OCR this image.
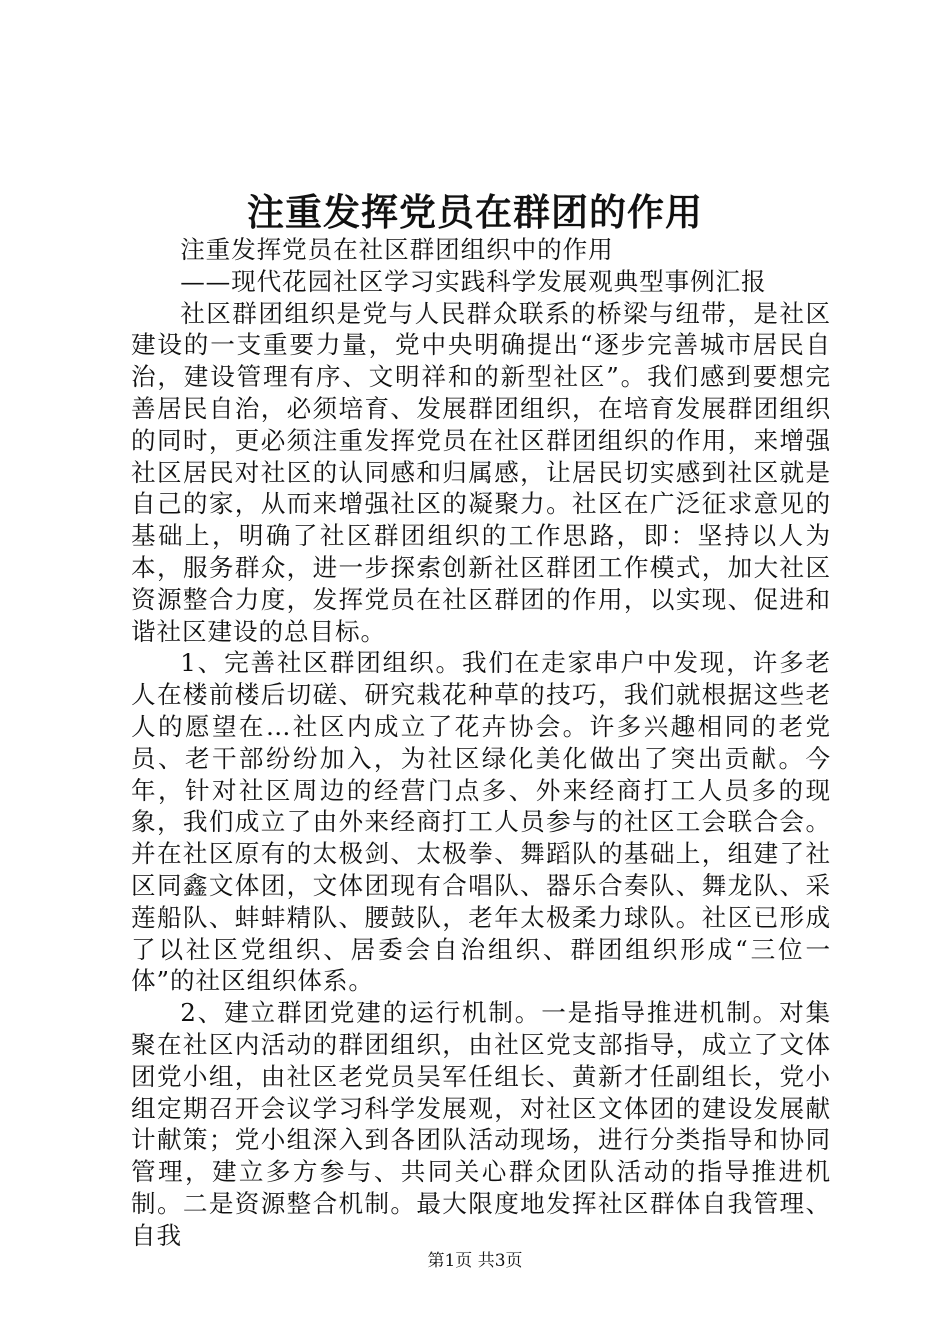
注重发挥党员在群团的作用

注重发挥党员在社区群团组织中的作用

——现代花园社区学习实践科学发展观典型事例汇报

社区群团组织是党与人民群众联系的桥梁与纽带，是社区建设的一支重要力量，党中央明确提出“逐步完善城市居民自治，建设管理有序、文明祥和的新型社区”。我们感到要想完善居民自治，必须培育、发展群团组织，在培育发展群团组织的同时，更必须注重发挥党员在社区群团组织的作用，来增强社区居民对社区的认同感和归属感，让居民切实感到社区就是自己的家，从而来增强社区的凝聚力。社区在广泛征求意见的基础上，明确了社区群团组织的工作思路，即：坚持以人为本，服务群众，进一步探索创新社区群团工作模式，加大社区资源整合力度，发挥党员在社区群团的作用，以实现、促进和谐社区建设的总目标。

1、完善社区群团组织。我们在走家串户中发现，许多老人在楼前楼后切磋、研究栽花种草的技巧，我们就根据这些老人的愿望在…社区内成立了花卉协会。许多兴趣相同的老党员、老干部纷纷加入，为社区绿化美化做出了突出贡献。今年，针对社区周边的经营门点多、外来经商打工人员多的现象，我们成立了由外来经商打工人员参与的社区工会联合会。并在社区原有的太极剑、太极拳、舞蹈队的基础上，组建了社区同鑫文体团，文体团现有合唱队、器乐合奏队、舞龙队、采莲船队、蚌蚌精队、腰鼓队，老年太极柔力球队。社区已形成了以社区党组织、居委会自治组织、群团组织形成“三位一体”的社区组织体系。

2、建立群团党建的运行机制。一是指导推进机制。对集聚在社区内活动的群团组织，由社区党支部指导，成立了文体团党小组，由社区老党员吴军任组长、黄新才任副组长，党小组定期召开会议学习科学发展观，对社区文体团的建设发展献计献策；党小组深入到各团队活动现场，进行分类指导和协同管理，建立多方参与、共同关心群众团队活动的指导推进机制。二是资源整合机制。最大限度地发挥社区群体自我管理、自我

第1页 共3页
